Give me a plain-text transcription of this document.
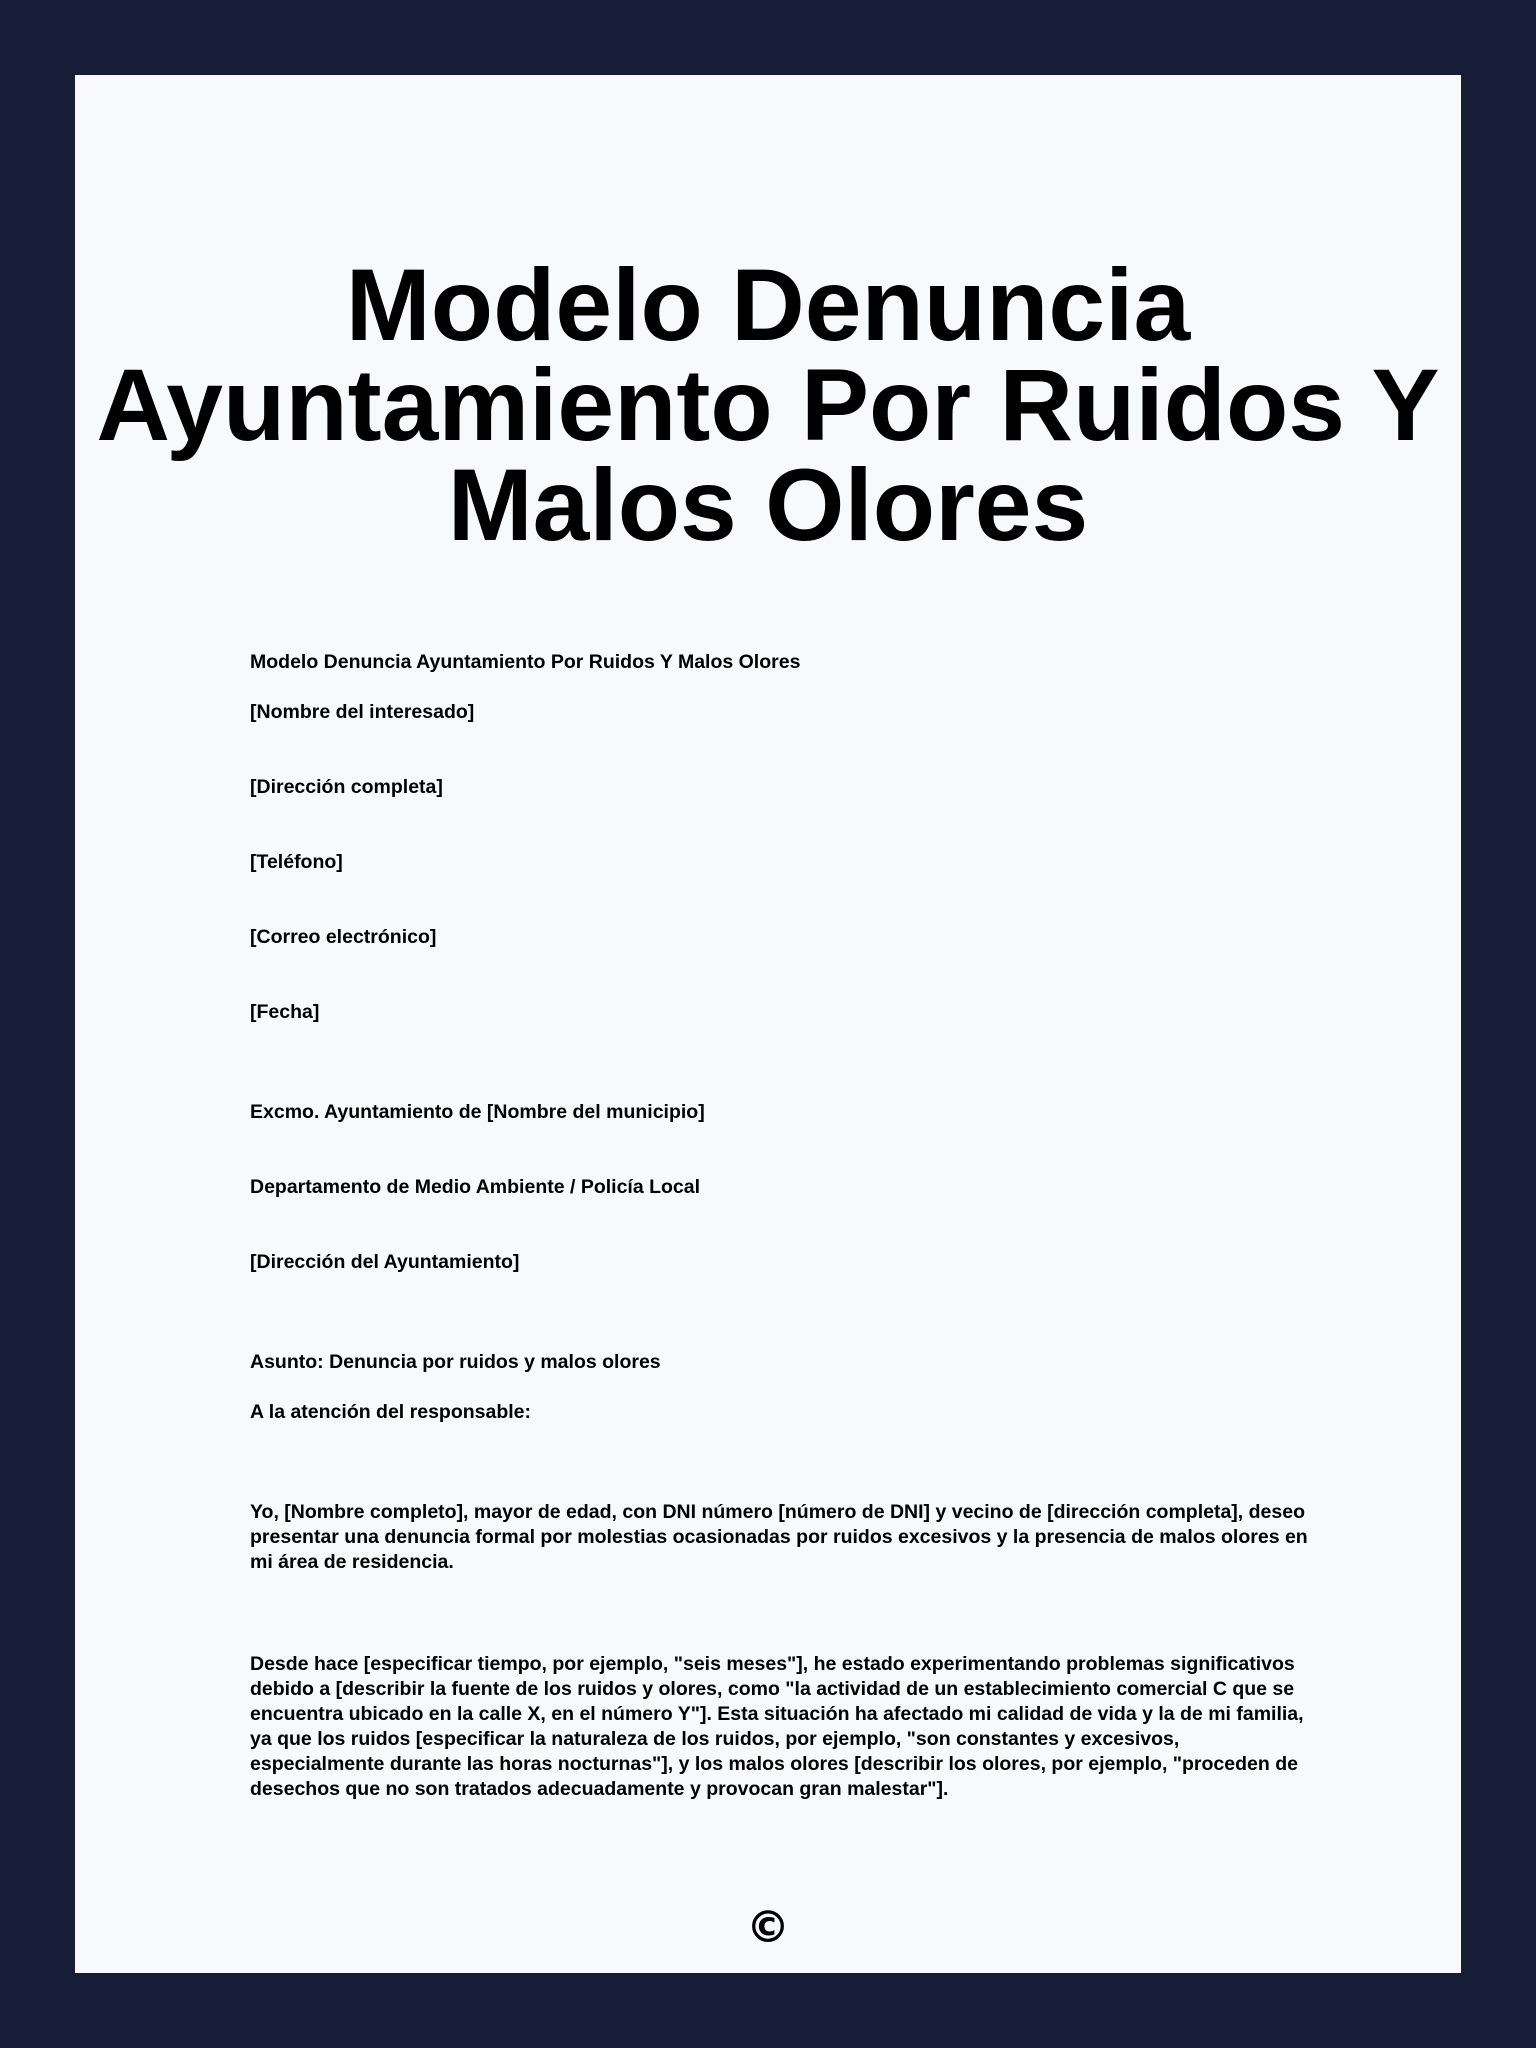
Modelo Denuncia Ayuntamiento Por Ruidos Y Malos Olores

Modelo Denuncia Ayuntamiento Por Ruidos Y Malos Olores

[Nombre del interesado]

[Dirección completa]

[Teléfono]

[Correo electrónico]

[Fecha]

Excmo. Ayuntamiento de [Nombre del municipio]

Departamento de Medio Ambiente / Policía Local

[Dirección del Ayuntamiento]

Asunto: Denuncia por ruidos y malos olores

A la atención del responsable:

Yo, [Nombre completo], mayor de edad, con DNI número [número de DNI] y vecino de [dirección completa], deseo presentar una denuncia formal por molestias ocasionadas por ruidos excesivos y la presencia de malos olores en mi área de residencia.

Desde hace [especificar tiempo, por ejemplo, "seis meses"], he estado experimentando problemas significativos debido a [describir la fuente de los ruidos y olores, como "la actividad de un establecimiento comercial C que se encuentra ubicado en la calle X, en el número Y"]. Esta situación ha afectado mi calidad de vida y la de mi familia, ya que los ruidos [especificar la naturaleza de los ruidos, por ejemplo, "son constantes y excesivos, especialmente durante las horas nocturnas"], y los malos olores [describir los olores, por ejemplo, "proceden de desechos que no son tratados adecuadamente y provocan gran malestar"].

©
